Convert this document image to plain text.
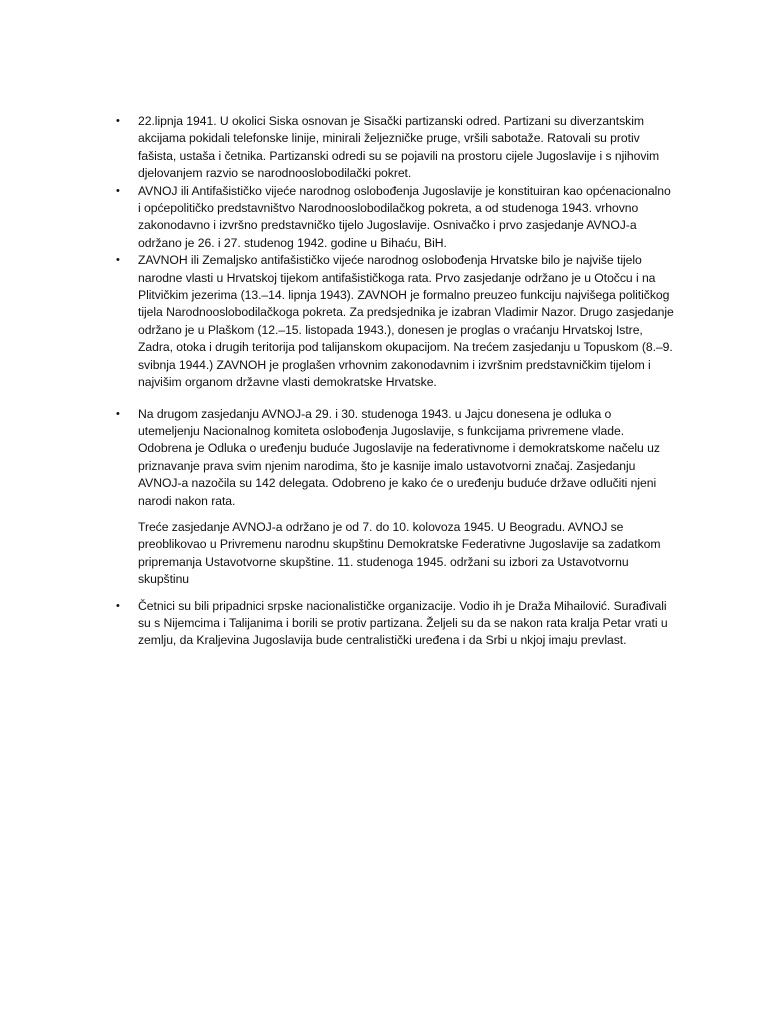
• 22.lipnja 1941. U okolici Siska osnovan je Sisački partizanski odred. Partizani su diverzantskim akcijama pokidali telefonske linije, minirali željezničke pruge, vršili sabotaže. Ratovali su protiv fašista, ustaša i četnika. Partizanski odredi su se pojavili na prostoru cijele Jugoslavije i s njihovim djelovanjem razvio se narodnooslobodilački pokret.
• AVNOJ ili Antifašističko vijeće narodnog oslobođenja Jugoslavije je konstituiran kao općenacionalno i općepolitičko predstavništvo Narodnooslobodilačkog pokreta, a od studenoga 1943. vrhovno zakonodavno i izvršno predstavničko tijelo Jugoslavije. Osnivačko i prvo zasjedanje AVNOJ-a održano je 26. i 27. studenog 1942. godine u Bihaću, BiH.
• ZAVNOH ili Zemaljsko antifašističko vijeće narodnog oslobođenja Hrvatske bilo je najviše tijelo narodne vlasti u Hrvatskoj tijekom antifašističkoga rata. Prvo zasjedanje održano je u Otočcu i na Plitvičkim jezerima (13.–14. lipnja 1943). ZAVNOH je formalno preuzeo funkciju najvišega političkog tijela Narodnooslobodilačkoga pokreta. Za predsjednika je izabran Vladimir Nazor. Drugo zasjedanje održano je u Plaškom (12.–15. listopada 1943.), donesen je proglas o vraćanju Hrvatskoj Istre, Zadra, otoka i drugih teritorija pod talijanskom okupacijom. Na trećem zasjedanju u Topuskom (8.–9. svibnja 1944.) ZAVNOH je proglašen vrhovnim zakonodavnim i izvršnim predstavničkim tijelom i najvišim organom državne vlasti demokratske Hrvatske.
• Na drugom zasjedanju AVNOJ-a 29. i 30. studenoga 1943. u Jajcu donesena je odluka o utemeljenju Nacionalnog komiteta oslobođenja Jugoslavije, s funkcijama privremene vlade. Odobrena je Odluka o uređenju buduće Jugoslavije na federativnome i demokratskome načelu uz priznavanje prava svim njenim narodima, što je kasnije imalo ustavotvorni značaj. Zasjedanju AVNOJ-a nazočila su 142 delegata. Odobreno je kako će o uređenju buduće države odlučiti njeni narodi nakon rata.
Treće zasjedanje AVNOJ-a održano je od 7. do 10. kolovoza 1945. U Beogradu. AVNOJ se preoblikovao u Privremenu narodnu skupštinu Demokratske Federativne Jugoslavije sa zadatkom pripremanja Ustavotvorne skupštine. 11. studenoga 1945. održani su izbori za Ustavotvornu skupštinu
• Četnici su bili pripadnici srpske nacionalističke organizacije. Vodio ih je Draža Mihailović. Surađivali su s Nijemcima i Talijanima i borili se protiv partizana. Željeli su da se nakon rata kralja Petar vrati u zemlju, da Kraljevina Jugoslavija bude centralistički uređena i da Srbi u nkjoj imaju prevlast.
